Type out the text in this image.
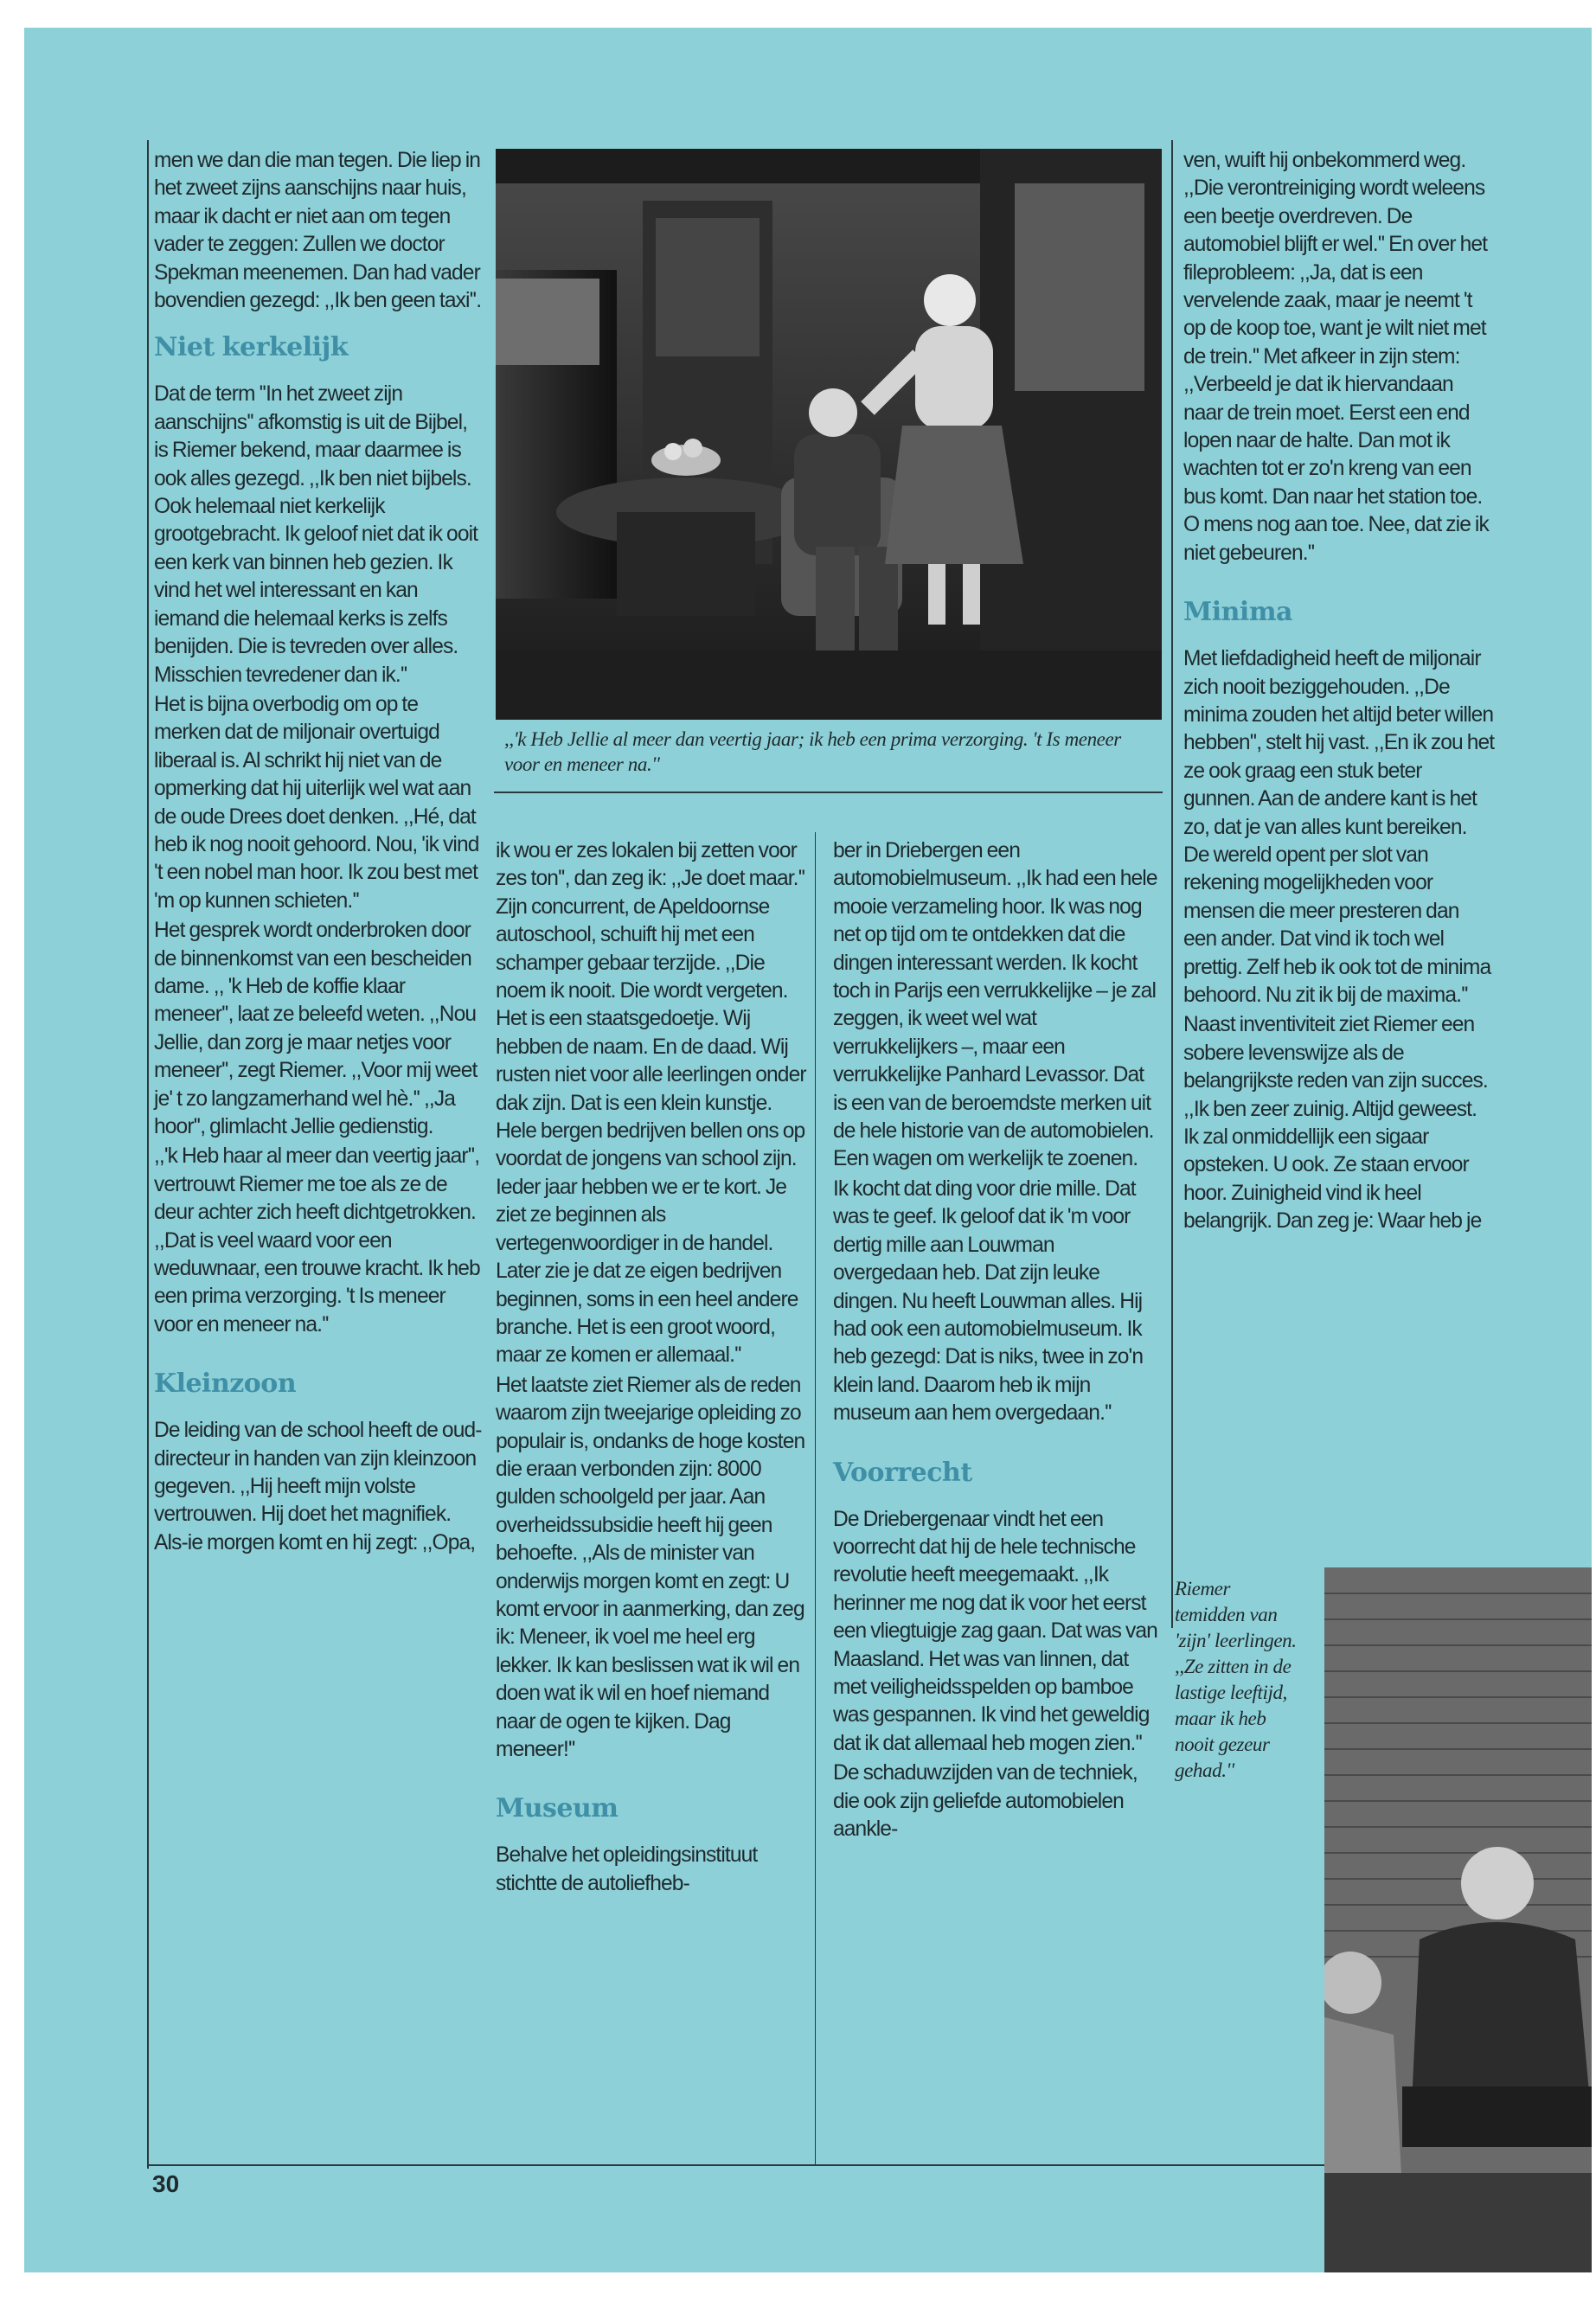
men we dan die man tegen. Die liep in het zweet zijns aanschijns naar huis, maar ik dacht er niet aan om tegen vader te zeggen: Zullen we doctor Spekman meenemen. Dan had vader bovendien gezegd: ,,Ik ben geen taxi''.

Niet kerkelijk

Dat de term ''In het zweet zijn aanschijns'' afkomstig is uit de Bijbel, is Riemer bekend, maar daarmee is ook alles gezegd. ,,Ik ben niet bijbels. Ook helemaal niet kerkelijk grootgebracht. Ik geloof niet dat ik ooit een kerk van binnen heb gezien. Ik vind het wel interessant en kan iemand die helemaal kerks is zelfs benijden. Die is tevreden over alles. Misschien tevredener dan ik.''

Het is bijna overbodig om op te merken dat de miljonair overtuigd liberaal is. Al schrikt hij niet van de opmerking dat hij uiterlijk wel wat aan de oude Drees doet denken. ,,Hé, dat heb ik nog nooit gehoord. Nou, 'ik vind 't een nobel man hoor. Ik zou best met 'm op kunnen schieten.''

Het gesprek wordt onderbroken door de binnenkomst van een bescheiden dame. ,, 'k Heb de koffie klaar meneer'', laat ze beleefd weten. ,,Nou Jellie, dan zorg je maar netjes voor meneer'', zegt Riemer. ,,Voor mij weet je' t zo langzamerhand wel hè.'' ,,Ja hoor'', glimlacht Jellie gedienstig.

,,'k Heb haar al meer dan veertig jaar'', vertrouwt Riemer me toe als ze de deur achter zich heeft dichtgetrokken. ,,Dat is veel waard voor een weduwnaar, een trouwe kracht. Ik heb een prima verzorging. 't Is meneer voor en meneer na.''

Kleinzoon

De leiding van de school heeft de oud-directeur in handen van zijn kleinzoon gegeven. ,,Hij heeft mijn volste vertrouwen. Hij doet het magnifiek. Als-ie morgen komt en hij zegt: ,,Opa,

,,'k Heb Jellie al meer dan veertig jaar; ik heb een prima verzorging. 't Is meneer voor en meneer na.''

ik wou er zes lokalen bij zetten voor zes ton'', dan zeg ik: ,,Je doet maar.'' Zijn concurrent, de Apeldoornse autoschool, schuift hij met een schamper gebaar terzijde. ,,Die noem ik nooit. Die wordt vergeten. Het is een staatsgedoetje. Wij hebben de naam. En de daad. Wij rusten niet voor alle leerlingen onder dak zijn. Dat is een klein kunstje. Hele bergen bedrijven bellen ons op voordat de jongens van school zijn. Ieder jaar hebben we er te kort. Je ziet ze beginnen als vertegenwoordiger in de handel. Later zie je dat ze eigen bedrijven beginnen, soms in een heel andere branche. Het is een groot woord, maar ze komen er allemaal.''

Het laatste ziet Riemer als de reden waarom zijn tweejarige opleiding zo populair is, ondanks de hoge kosten die eraan verbonden zijn: 8000 gulden schoolgeld per jaar. Aan overheidssubsidie heeft hij geen behoefte. ,,Als de minister van onderwijs morgen komt en zegt: U komt ervoor in aanmerking, dan zeg ik: Meneer, ik voel me heel erg lekker. Ik kan beslissen wat ik wil en doen wat ik wil en hoef niemand naar de ogen te kijken. Dag meneer!''

Museum

Behalve het opleidingsinstituut stichtte de autoliefheb-

ber in Driebergen een automobielmuseum. ,,Ik had een hele mooie verzameling hoor. Ik was nog net op tijd om te ontdekken dat die dingen interessant werden. Ik kocht toch in Parijs een verrukkelijke – je zal zeggen, ik weet wel wat verrukkelijkers –, maar een verrukkelijke Panhard Levassor. Dat is een van de beroemdste merken uit de hele historie van de automobielen. Een wagen om werkelijk te zoenen.

Ik kocht dat ding voor drie mille. Dat was te geef. Ik geloof dat ik 'm voor dertig mille aan Louwman overgedaan heb. Dat zijn leuke dingen. Nu heeft Louwman alles. Hij had ook een automobielmuseum. Ik heb gezegd: Dat is niks, twee in zo'n klein land. Daarom heb ik mijn museum aan hem overgedaan.''

Voorrecht

De Driebergenaar vindt het een voorrecht dat hij de hele technische revolutie heeft meegemaakt. ,,Ik herinner me nog dat ik voor het eerst een vliegtuigje zag gaan. Dat was van Maasland. Het was van linnen, dat met veiligheidsspelden op bamboe was gespannen. Ik vind het geweldig dat ik dat allemaal heb mogen zien.''

De schaduwzijden van de techniek, die ook zijn geliefde automobielen aankle-

ven, wuift hij onbekommerd weg. ,,Die verontreiniging wordt weleens een beetje overdreven. De automobiel blijft er wel.'' En over het fileprobleem: ,,Ja, dat is een vervelende zaak, maar je neemt 't op de koop toe, want je wilt niet met de trein.'' Met afkeer in zijn stem: ,,Verbeeld je dat ik hiervandaan naar de trein moet. Eerst een end lopen naar de halte. Dan mot ik wachten tot er zo'n kreng van een bus komt. Dan naar het station toe. O mens nog aan toe. Nee, dat zie ik niet gebeuren.''

Minima

Met liefdadigheid heeft de miljonair zich nooit beziggehouden. ,,De minima zouden het altijd beter willen hebben'', stelt hij vast. ,,En ik zou het ze ook graag een stuk beter gunnen. Aan de andere kant is het zo, dat je van alles kunt bereiken. De wereld opent per slot van rekening mogelijkheden voor mensen die meer presteren dan een ander. Dat vind ik toch wel prettig. Zelf heb ik ook tot de minima behoord. Nu zit ik bij de maxima.''

Naast inventiviteit ziet Riemer een sobere levenswijze als de belangrijkste reden van zijn succes. ,,Ik ben zeer zuinig. Altijd geweest. Ik zal onmiddellijk een sigaar opsteken. U ook. Ze staan ervoor hoor. Zuinigheid vind ik heel belangrijk. Dan zeg je: Waar heb je

Riemer temidden van 'zijn' leerlingen. ,,Ze zitten in de lastige leeftijd, maar ik heb nooit gezeur gehad.''
30
